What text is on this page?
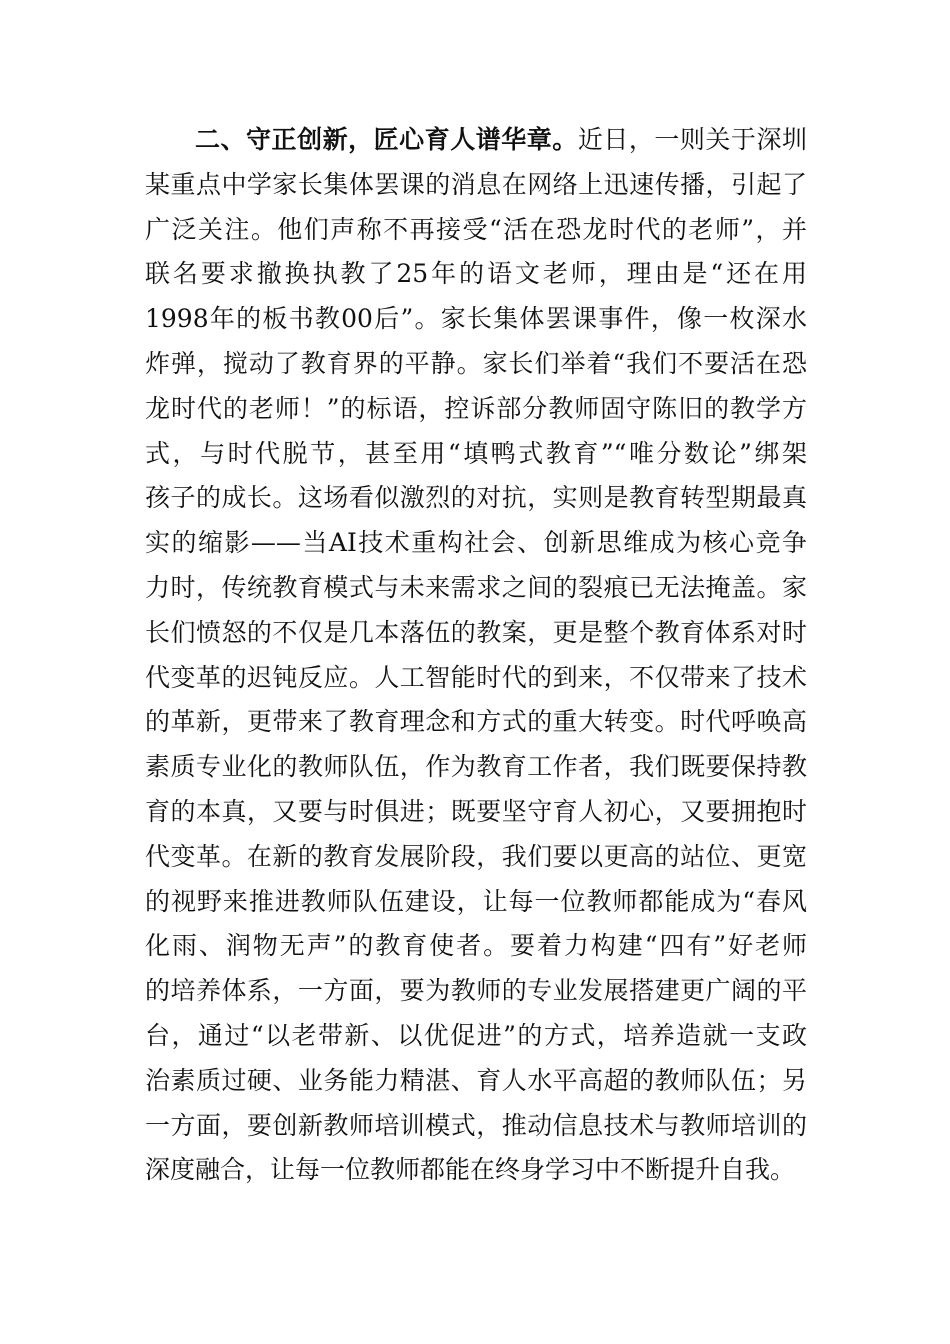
二、守正创新，匠心育人谱华章。近日，一则关于深圳
某重点中学家长集体罢课的消息在网络上迅速传播，引起了
广泛关注。他们声称不再接受“活在恐龙时代的老师”，并
联名要求撤换执教了25年的语文老师，理由是“还在用
1998年的板书教00后”。家长集体罢课事件，像一枚深水
炸弹，搅动了教育界的平静。家长们举着“我们不要活在恐
龙时代的老师！”的标语，控诉部分教师固守陈旧的教学方
式，与时代脱节，甚至用“填鸭式教育”“唯分数论”绑架
孩子的成长。这场看似激烈的对抗，实则是教育转型期最真
实的缩影——当AI技术重构社会、创新思维成为核心竞争
力时，传统教育模式与未来需求之间的裂痕已无法掩盖。家
长们愤怒的不仅是几本落伍的教案，更是整个教育体系对时
代变革的迟钝反应。人工智能时代的到来，不仅带来了技术
的革新，更带来了教育理念和方式的重大转变。时代呼唤高
素质专业化的教师队伍，作为教育工作者，我们既要保持教
育的本真，又要与时俱进；既要坚守育人初心，又要拥抱时
代变革。在新的教育发展阶段，我们要以更高的站位、更宽
的视野来推进教师队伍建设，让每一位教师都能成为“春风
化雨、润物无声”的教育使者。要着力构建“四有”好老师
的培养体系，一方面，要为教师的专业发展搭建更广阔的平
台，通过“以老带新、以优促进”的方式，培养造就一支政
治素质过硬、业务能力精湛、育人水平高超的教师队伍；另
一方面，要创新教师培训模式，推动信息技术与教师培训的
深度融合，让每一位教师都能在终身学习中不断提升自我。
